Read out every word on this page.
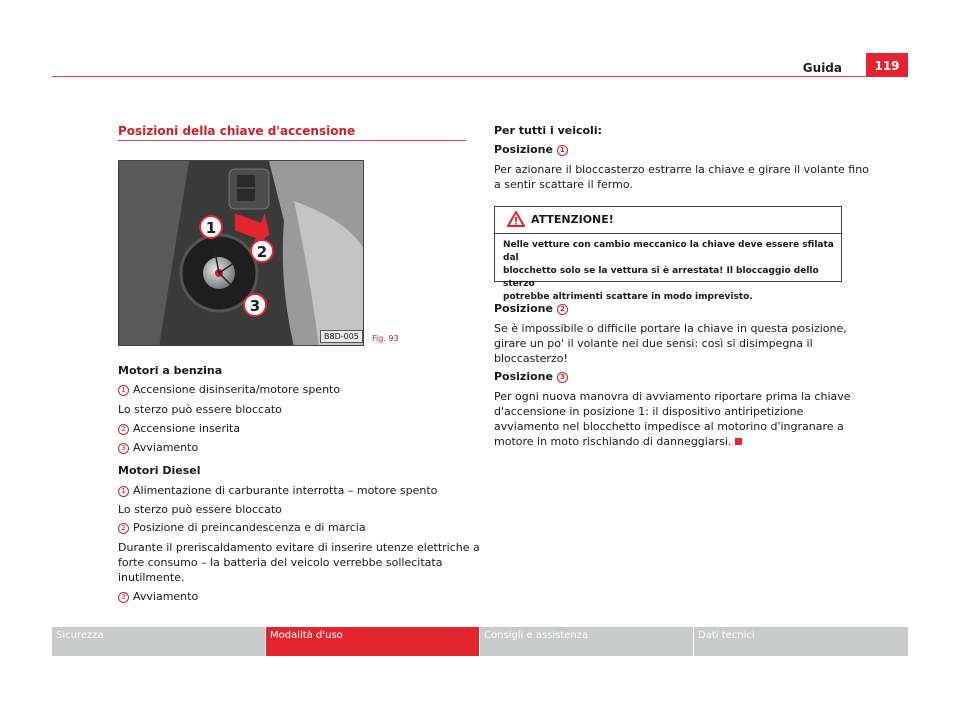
Guida	119
Posizioni della chiave d'accensione
1
2
3
B8D-005	Fig. 93
Motori a benzina
1 Accensione disinserita/motore spento
Lo sterzo può essere bloccato
2 Accensione inserita
3 Avviamento
Motori Diesel
1 Alimentazione di carburante interrotta – motore spento
Lo sterzo può essere bloccato
2 Posizione di preincandescenza e di marcia
Durante il preriscaldamento evitare di inserire utenze elettriche a
forte consumo – la batteria del veicolo verrebbe sollecitata
inutilmente.
3 Avviamento
Per tutti i veicoli:
Posizione 1
Per azionare il bloccasterzo estrarre la chiave e girare il volante fino
a sentir scattare il fermo.
ATTENZIONE!
Nelle vetture con cambio meccanico la chiave deve essere sfilata dal
blocchetto solo se la vettura si è arrestata! Il bloccaggio dello sterzo
potrebbe altrimenti scattare in modo imprevisto.
Posizione 2
Se è impossibile o difficile portare la chiave in questa posizione,
girare un po' il volante nei due sensi: così si disimpegna il
bloccasterzo!
Posizione 3
Per ogni nuova manovra di avviamento riportare prima la chiave
d'accensione in posizione 1: il dispositivo antiripetizione
avviamento nel blocchetto impedisce al motorino d'ingranare a
motore in moto rischiando di danneggiarsi.
Sicurezza	Modalità d'uso	Consigli e assistenza	Dati tecnici
